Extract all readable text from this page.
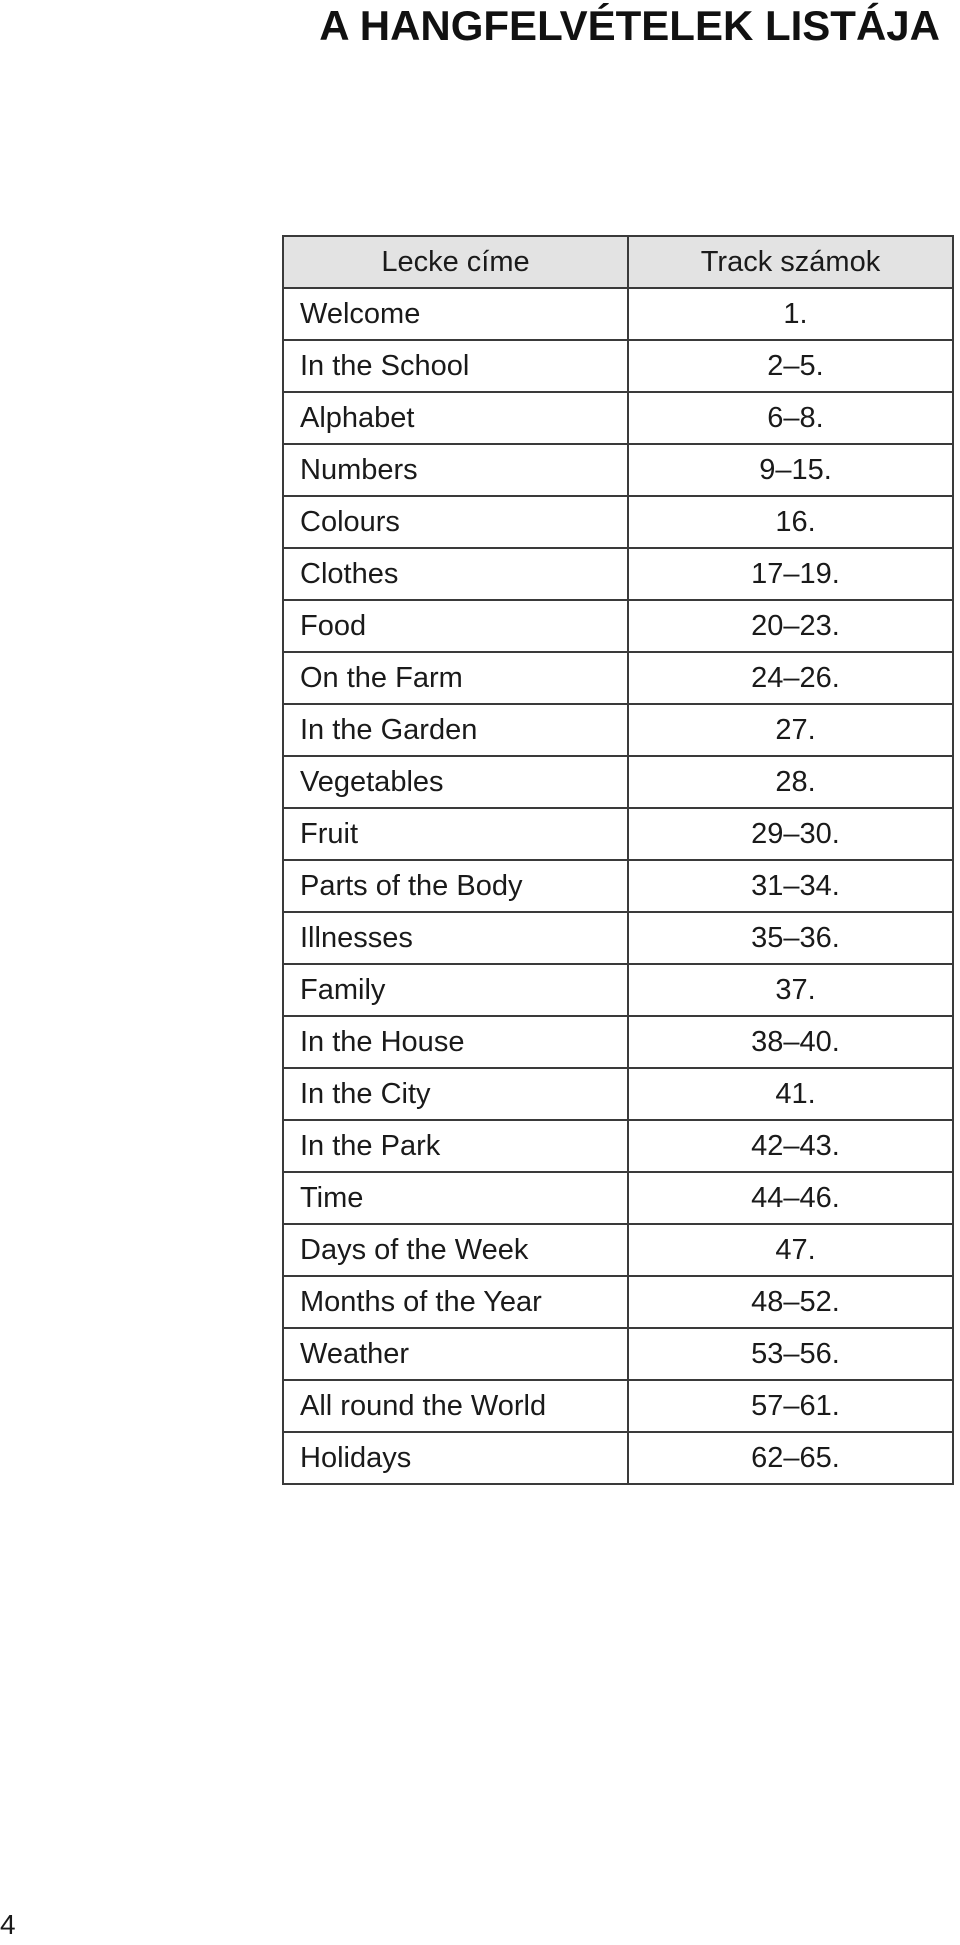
A HANGFELVÉTELEK LISTÁJA
Lecke címe	Track számok
Welcome	1.
In the School	2–5.
Alphabet	6–8.
Numbers	9–15.
Colours	16.
Clothes	17–19.
Food	20–23.
On the Farm	24–26.
In the Garden	27.
Vegetables	28.
Fruit	29–30.
Parts of the Body	31–34.
Illnesses	35–36.
Family	37.
In the House	38–40.
In the City	41.
In the Park	42–43.
Time	44–46.
Days of the Week	47.
Months of the Year	48–52.
Weather	53–56.
All round the World	57–61.
Holidays	62–65.
4
